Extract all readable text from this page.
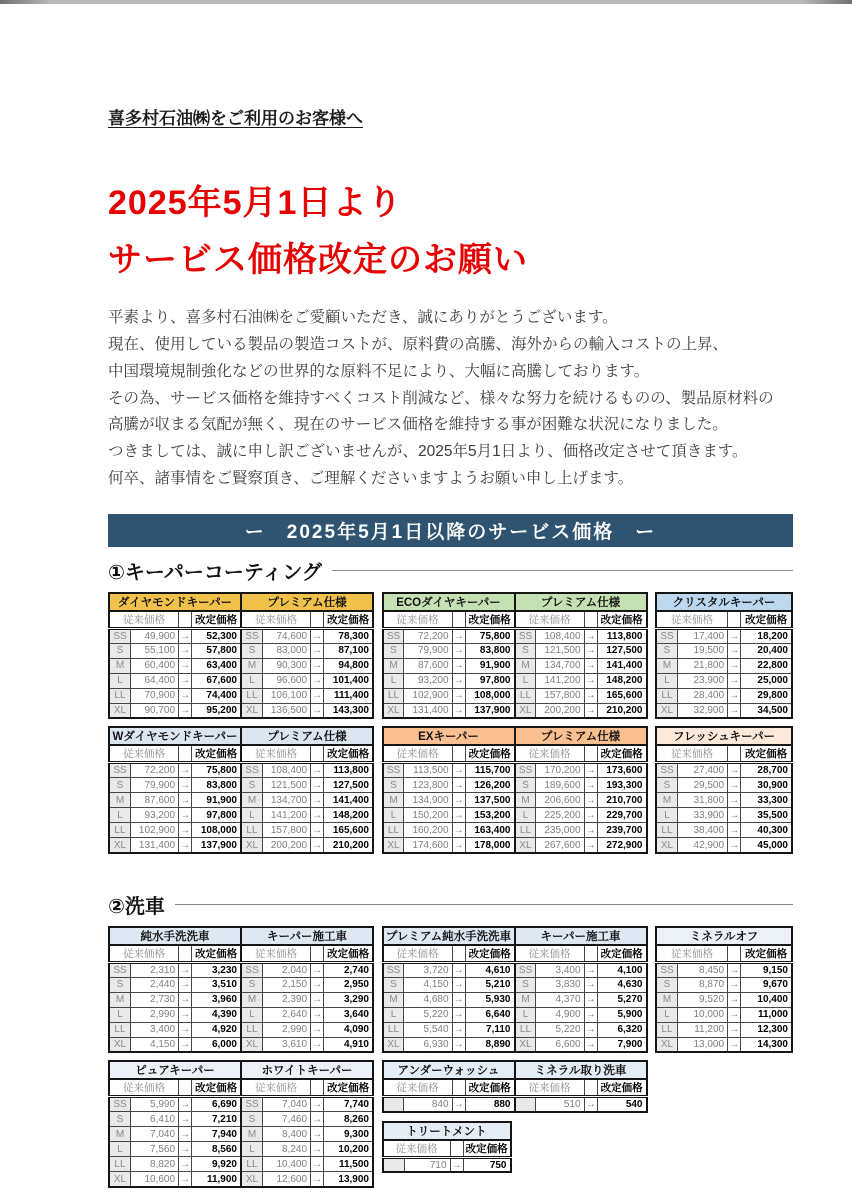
喜多村石油㈱をご利用のお客様へ
2025年5月1日より
サービス価格改定のお願い
平素より、喜多村石油㈱をご愛顧いただき、誠にありがとうございます。
現在、使用している製品の製造コストが、原料費の高騰、海外からの輸入コストの上昇、
中国環境規制強化などの世界的な原料不足により、大幅に高騰しております。
その為、サービス価格を維持すべくコスト削減など、様々な努力を続けるものの、製品原材料の
高騰が収まる気配が無く、現在のサービス価格を維持する事が困難な状況になりました。
つきましては、誠に申し訳ございませんが、2025年5月1日より、価格改定させて頂きます。
何卒、諸事情をご賢察頂き、ご理解くださいますようお願い申し上げます。
ー　2025年5月1日以降のサービス価格　ー
①キーパーコーティング
ダイヤモンドキーパー			
従来価格			改定価格
SS	49,900	→	52,300
S	55,100	→	57,800
M	60,400	→	63,400
L	64,400	→	67,600
LL	70,900	→	74,400
XL	90,700	→	95,200
プレミアム仕様			
従来価格			改定価格
SS	74,600	→	78,300
S	83,000	→	87,100
M	90,300	→	94,800
L	96,600	→	101,400
LL	106,100	→	111,400
XL	136,500	→	143,300
ECOダイヤキーパー			
従来価格			改定価格
SS	72,200	→	75,800
S	79,900	→	83,800
M	87,600	→	91,900
L	93,200	→	97,800
LL	102,900	→	108,000
XL	131,400	→	137,900
プレミアム仕様			
従来価格			改定価格
SS	108,400	→	113,800
S	121,500	→	127,500
M	134,700	→	141,400
L	141,200	→	148,200
LL	157,800	→	165,600
XL	200,200	→	210,200
クリスタルキーパー			
従来価格			改定価格
SS	17,400	→	18,200
S	19,500	→	20,400
M	21,800	→	22,800
L	23,900	→	25,000
LL	28,400	→	29,800
XL	32,900	→	34,500
Wダイヤモンドキーパー			
従来価格			改定価格
SS	72,200	→	75,800
S	79,900	→	83,800
M	87,600	→	91,900
L	93,200	→	97,800
LL	102,900	→	108,000
XL	131,400	→	137,900
プレミアム仕様			
従来価格			改定価格
SS	108,400	→	113,800
S	121,500	→	127,500
M	134,700	→	141,400
L	141,200	→	148,200
LL	157,800	→	165,600
XL	200,200	→	210,200
EXキーパー			
従来価格			改定価格
SS	113,500	→	115,700
S	123,800	→	126,200
M	134,900	→	137,500
L	150,200	→	153,200
LL	160,200	→	163,400
XL	174,600	→	178,000
プレミアム仕様			
従来価格			改定価格
SS	170,200	→	173,600
S	189,600	→	193,300
M	206,600	→	210,700
L	225,200	→	229,700
LL	235,000	→	239,700
XL	267,600	→	272,900
フレッシュキーパー			
従来価格			改定価格
SS	27,400	→	28,700
S	29,500	→	30,900
M	31,800	→	33,300
L	33,900	→	35,500
LL	38,400	→	40,300
XL	42,900	→	45,000
②洗車
純水手洗洗車			
従来価格			改定価格
SS	2,310	→	3,230
S	2,440	→	3,510
M	2,730	→	3,960
L	2,990	→	4,390
LL	3,400	→	4,920
XL	4,150	→	6,000
キーパー施工車			
従来価格			改定価格
SS	2,040	→	2,740
S	2,150	→	2,950
M	2,390	→	3,290
L	2,640	→	3,640
LL	2,990	→	4,090
XL	3,610	→	4,910
プレミアム純水手洗洗車			
従来価格			改定価格
SS	3,720	→	4,610
S	4,150	→	5,210
M	4,680	→	5,930
L	5,220	→	6,640
LL	5,540	→	7,110
XL	6,930	→	8,890
キーパー施工車			
従来価格			改定価格
SS	3,400	→	4,100
S	3,830	→	4,630
M	4,370	→	5,270
L	4,900	→	5,900
LL	5,220	→	6,320
XL	6,600	→	7,900
ミネラルオフ			
従来価格			改定価格
SS	8,450	→	9,150
S	8,870	→	9,670
M	9,520	→	10,400
L	10,000	→	11,000
LL	11,200	→	12,300
XL	13,000	→	14,300
ピュアキーパー			
従来価格			改定価格
SS	5,990	→	6,690
S	6,410	→	7,210
M	7,040	→	7,940
L	7,560	→	8,560
LL	8,820	→	9,920
XL	10,600	→	11,900
ホワイトキーパー			
従来価格			改定価格
SS	7,040	→	7,740
S	7,460	→	8,260
M	8,400	→	9,300
L	8,240	→	10,200
LL	10,400	→	11,500
XL	12,600	→	13,900
アンダーウォッシュ			
従来価格			改定価格
	840	→	880
ミネラル取り洗車			
従来価格			改定価格
	510	→	540
トリートメント			
従来価格			改定価格
	710	→	750
